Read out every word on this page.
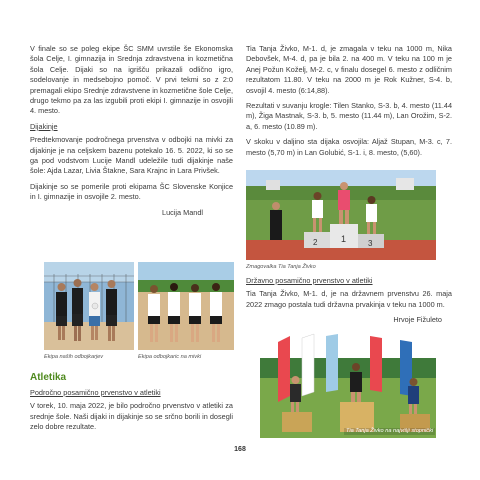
V finale so se poleg ekipe ŠC SMM uvrstile še Ekonomska šola Celje, I. gimnazija in Srednja zdravstvena in kozmetična šola Celje. Dijaki so na igrišču prikazali odlično igro, sodelovanje in medsebojno pomoč. V prvi tekmi so z 2:0 premagali ekipo Srednje zdravstvene in kozmetične šole Celje, drugo tekmo pa za las izgubili proti ekipi I. gimnazije in osvojili 4. mesto.

Dijakinje

Predtekmovanje področnega prvenstva v odbojki na mivki za dijakinje je na celjskem bazenu potekalo 16. 5. 2022, ki so se ga pod vodstvom Lucije Mandl udeležile tudi dijakinje naše šole: Ajda Lazar, Livia Štakne, Sara Krajnc in Lara Privšek.

Dijakinje so se pomerile proti ekipama ŠC Slovenske Konjice in I. gimnazije in osvojile 2. mesto.

Lucija Mandl
Ekipa naših odbojkarjev	Ekipa odbojkaric na mivki
Atletika
Področno posamično prvenstvo v atletiki

V torek, 10. maja 2022, je bilo področno prvenstvo v atletiki za srednje šole. Naši dijaki in dijakinje so se srčno borili in dosegli zelo dobre rezultate.

Tia Tanja Živko, M-1. d, je zmagala v teku na 1000 m, Nika Debovšek, M-4. d, pa je bila 2. na 400 m. V teku na 100 m je Anej Požun Koželj, M-2. c, v finalu dosegel 6. mesto z odličnim rezultatom 11.80. V teku na 2000 m je Rok Kužner, S-4. b, osvojil 4. mesto (6:14,88).

Rezultati v suvanju krogle: Tilen Stanko, S-3. b, 4. mesto (11.44 m), Žiga Mastnak, S-3. b, 5. mesto (11.44 m), Lan Orožim, S-2. a, 6. mesto (10.89 m).

V skoku v daljino sta dijaka osvojila: Aljaž Stupan, M-3. c, 7. mesto (5,70 m) in Lan Golubić, S-1. i, 8. mesto, (5,60).

1
2	3
Zmagovalka Tia Tanja Živko
Državno posamično prvenstvo v atletiki

Tia Tanja Živko, M-1. d, je na državnem prvenstvu 26. maja 2022 zmago postala tudi državna prvakinja v teku na 1000 m.

Hrvoje Fižuleto
Tia Tanja Živko na najvišji stopnički
168
